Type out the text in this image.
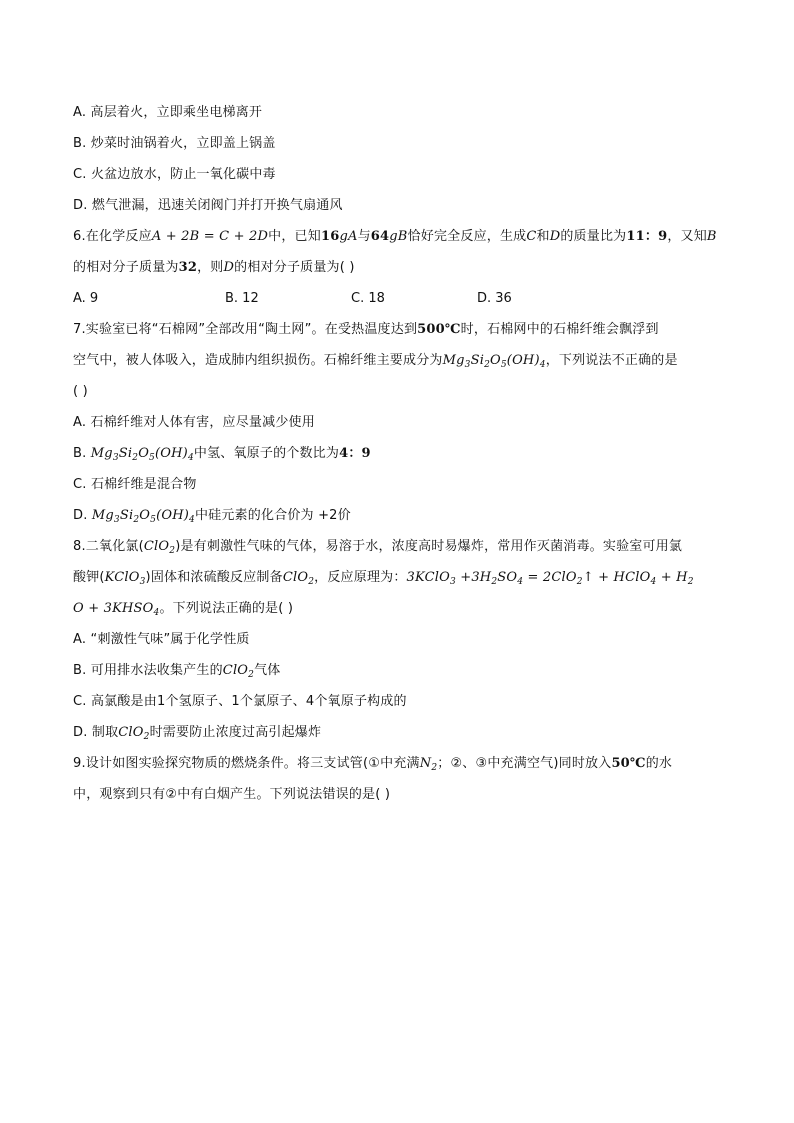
A. 高层着火，立即乘坐电梯离开
B. 炒菜时油锅着火，立即盖上锅盖
C. 火盆边放水，防止一氧化碳中毒
D. 燃气泄漏，迅速关闭阀门并打开换气扇通风
6.在化学反应A + 2B = C + 2D中，已知16gA与64gB恰好完全反应，生成C和D的质量比为11：9，又知B
的相对分子质量为32，则D的相对分子质量为( )
A. 9	B. 12	C. 18	D. 36
7.实验室已将“石棉网”全部改用“陶土网”。在受热温度达到500℃时，石棉网中的石棉纤维会飘浮到
空气中，被人体吸入，造成肺内组织损伤。石棉纤维主要成分为$Mg_3Si_2O_5(OH)_4$，下列说法不正确的是
( )
A. 石棉纤维对人体有害，应尽量减少使用
B. $Mg_3Si_2O_5(OH)_4$中氢、氧原子的个数比为4：9
C. 石棉纤维是混合物
D. $Mg_3Si_2O_5(OH)_4$中硅元素的化合价为 +2价
8.二氧化氯(ClO$_2$)是有刺激性气味的气体，易溶于水，浓度高时易爆炸，常用作灭菌消毒。实验室可用氯
酸钾(KClO$_3$)固体和浓硫酸反应制备ClO$_2$，反应原理为：3KClO$_3$ $+3H_2SO_4$ = 2ClO$_2$↑ + HClO$_4$ + $H_2$
$O + 3KHSO_4$。下列说法正确的是( )
A. “刺激性气味”属于化学性质
B. 可用排水法收集产生的ClO$_2$气体
C. 高氯酸是由1个氢原子、1个氯原子、4个氧原子构成的
D. 制取ClO$_2$时需要防止浓度过高引起爆炸
9.设计如图实验探究物质的燃烧条件。将三支试管(①中充满$N_2$；②、③中充满空气)同时放入50℃的水
中，观察到只有②中有白烟产生。下列说法错误的是( )
